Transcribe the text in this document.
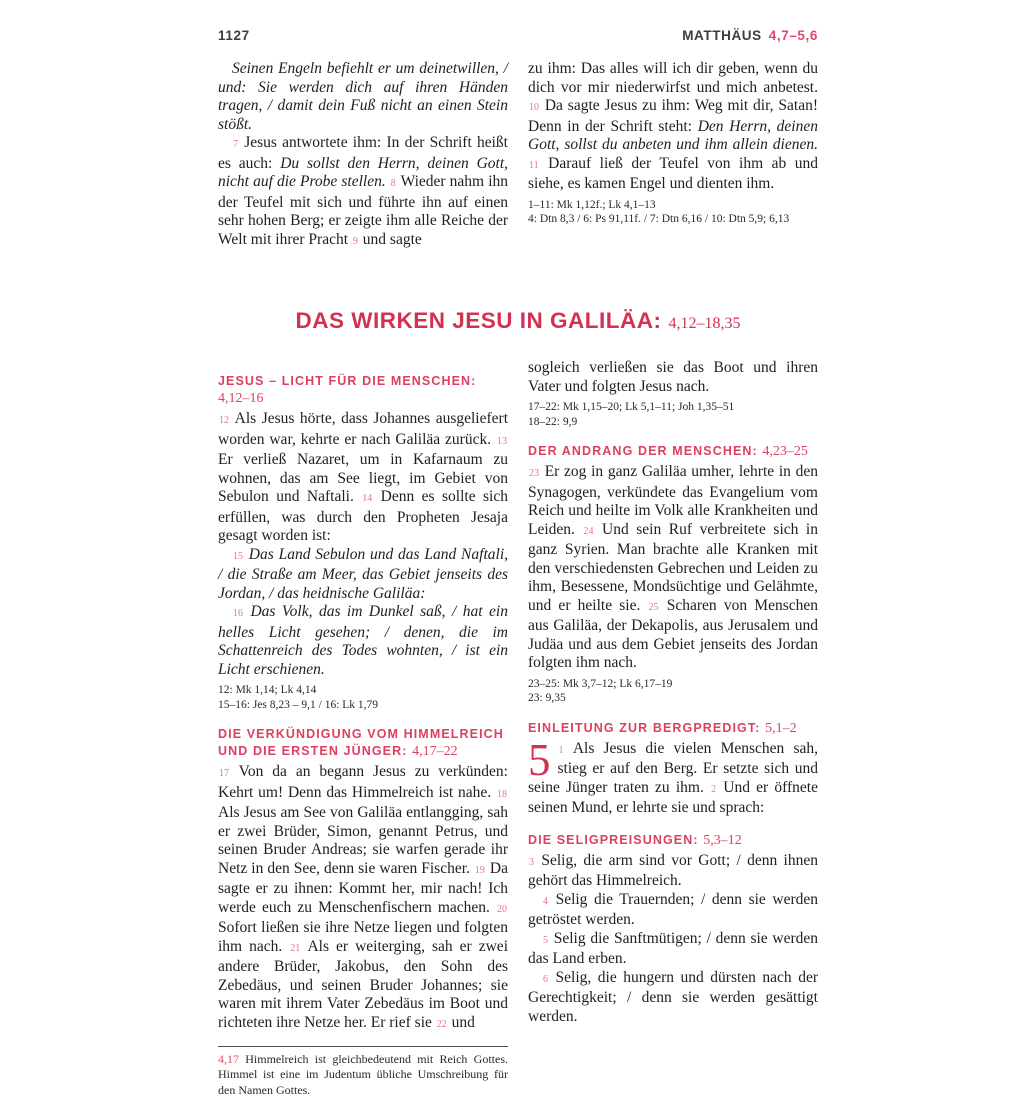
1127	MATTHÄUS 4,7–5,6

Seinen Engeln befiehlt er um deinetwillen, / und: Sie werden dich auf ihren Händen tragen, / damit dein Fuß nicht an einen Stein stößt.

7 Jesus antwortete ihm: In der Schrift heißt es auch: Du sollst den Herrn, deinen Gott, nicht auf die Probe stellen. 8 Wieder nahm ihn der Teufel mit sich und führte ihn auf einen sehr hohen Berg; er zeigte ihm alle Reiche der Welt mit ihrer Pracht 9 und sagte

zu ihm: Das alles will ich dir geben, wenn du dich vor mir niederwirfst und mich anbetest. 10 Da sagte Jesus zu ihm: Weg mit dir, Satan! Denn in der Schrift steht: Den Herrn, deinen Gott, sollst du anbeten und ihm allein dienen. 11 Darauf ließ der Teufel von ihm ab und siehe, es kamen Engel und dienten ihm.

1–11: Mk 1,12f.; Lk 4,1–13
4: Dtn 8,3 / 6: Ps 91,11f. / 7: Dtn 6,16 / 10: Dtn 5,9; 6,13
DAS WIRKEN JESU IN GALILÄA: 4,12–18,35
JESUS – LICHT FÜR DIE MENSCHEN: 4,12–16

12 Als Jesus hörte, dass Johannes ausgeliefert worden war, kehrte er nach Galiläa zurück. 13 Er verließ Nazaret, um in Kafarnaum zu wohnen, das am See liegt, im Gebiet von Sebulon und Naftali. 14 Denn es sollte sich erfüllen, was durch den Propheten Jesaja gesagt worden ist:

15 Das Land Sebulon und das Land Naftali, / die Straße am Meer, das Gebiet jenseits des Jordan, / das heidnische Galiläa:

16 Das Volk, das im Dunkel saß, / hat ein helles Licht gesehen; / denen, die im Schattenreich des Todes wohnten, / ist ein Licht erschienen.

12: Mk 1,14; Lk 4,14
15–16: Jes 8,23 – 9,1 / 16: Lk 1,79
DIE VERKÜNDIGUNG VOM HIMMELREICH UND DIE ERSTEN JÜNGER: 4,17–22

17 Von da an begann Jesus zu verkünden: Kehrt um! Denn das Himmelreich ist nahe. 18 Als Jesus am See von Galiläa entlangging, sah er zwei Brüder, Simon, genannt Petrus, und seinen Bruder Andreas; sie warfen gerade ihr Netz in den See, denn sie waren Fischer. 19 Da sagte er zu ihnen: Kommt her, mir nach! Ich werde euch zu Menschenfischern machen. 20 Sofort ließen sie ihre Netze liegen und folgten ihm nach. 21 Als er weiterging, sah er zwei andere Brüder, Jakobus, den Sohn des Zebedäus, und seinen Bruder Johannes; sie waren mit ihrem Vater Zebedäus im Boot und richteten ihre Netze her. Er rief sie 22 und

4,17 Himmelreich ist gleichbedeutend mit Reich Gottes. Himmel ist eine im Judentum übliche Umschreibung für den Namen Gottes.

sogleich verließen sie das Boot und ihren Vater und folgten Jesus nach.

17–22: Mk 1,15–20; Lk 5,1–11; Joh 1,35–51
18–22: 9,9
DER ANDRANG DER MENSCHEN: 4,23–25

23 Er zog in ganz Galiläa umher, lehrte in den Synagogen, verkündete das Evangelium vom Reich und heilte im Volk alle Krankheiten und Leiden. 24 Und sein Ruf verbreitete sich in ganz Syrien. Man brachte alle Kranken mit den verschiedensten Gebrechen und Leiden zu ihm, Besessene, Mondsüchtige und Gelähmte, und er heilte sie. 25 Scharen von Menschen aus Galiläa, der Dekapolis, aus Jerusalem und Judäa und aus dem Gebiet jenseits des Jordan folgten ihm nach.

23–25: Mk 3,7–12; Lk 6,17–19
23: 9,35
EINLEITUNG ZUR BERGPREDIGT: 5,1–2

5 1 Als Jesus die vielen Menschen sah, stieg er auf den Berg. Er setzte sich und seine Jünger traten zu ihm. 2 Und er öffnete seinen Mund, er lehrte sie und sprach:

DIE SELIGPREISUNGEN: 5,3–12

3 Selig, die arm sind vor Gott; / denn ihnen gehört das Himmelreich.

4 Selig die Trauernden; / denn sie werden getröstet werden.

5 Selig die Sanftmütigen; / denn sie werden das Land erben.

6 Selig, die hungern und dürsten nach der Gerechtigkeit; / denn sie werden gesättigt werden.
